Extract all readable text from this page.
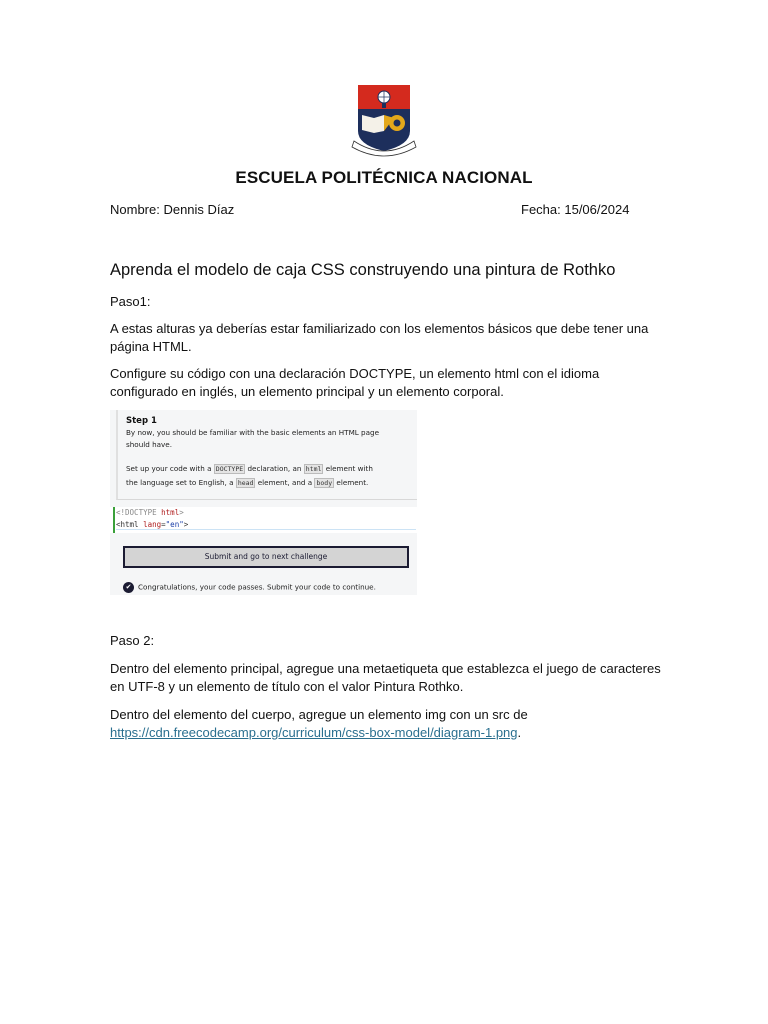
ESCUELA POLITÉCNICA NACIONAL
Nombre: Dennis Díaz	Fecha: 15/06/2024
Aprenda el modelo de caja CSS construyendo una pintura de Rothko
Paso1:
A estas alturas ya deberías estar familiarizado con los elementos básicos que debe tener una página HTML.
Configure su código con una declaración DOCTYPE, un elemento html con el idioma configurado en inglés, un elemento principal y un elemento corporal.
Step 1
By now, you should be familiar with the basic elements an HTML page
should have.
Set up your code with a DOCTYPE declaration, an html element with
the language set to English, a head element, and a body element.
<!DOCTYPE html>
<html lang="en">
Submit and go to next challenge
✔ Congratulations, your code passes. Submit your code to continue.
Paso 2:
Dentro del elemento principal, agregue una metaetiqueta que establezca el juego de caracteres en UTF-8 y un elemento de título con el valor Pintura Rothko.
Dentro del elemento del cuerpo, agregue un elemento img con un src de https://cdn.freecodecamp.org/curriculum/css-box-model/diagram-1.png.
